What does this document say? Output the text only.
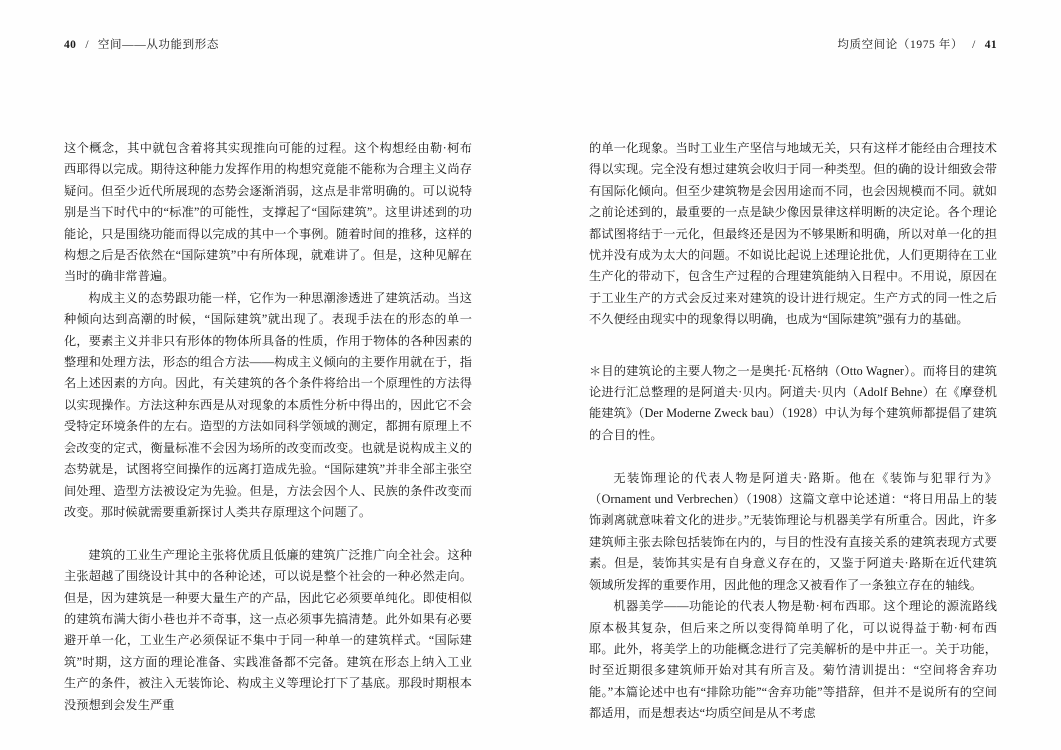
40 / 空间——从功能到形态	均质空间论（1975 年） / 41

这个概念，其中就包含着将其实现推向可能的过程。这个构想经由勒·柯布西耶得以完成。期待这种能力发挥作用的构想究竟能不能称为合理主义尚存疑问。但至少近代所展现的态势会逐渐消弱，这点是非常明确的。可以说特别是当下时代中的“标准”的可能性，支撑起了“国际建筑”。这里讲述到的功能论，只是围绕功能而得以完成的其中一个事例。随着时间的推移，这样的构想之后是否依然在“国际建筑”中有所体现，就难讲了。但是，这种见解在当时的确非常普遍。

构成主义的态势跟功能一样，它作为一种思潮渗透进了建筑活动。当这种倾向达到高潮的时候，“国际建筑”就出现了。表现手法在的形态的单一化，要素主义并非只有形体的物体所具备的性质，作用于物体的各种因素的整理和处理方法，形态的组合方法——构成主义倾向的主要作用就在于，指名上述因素的方向。因此，有关建筑的各个条件将给出一个原理性的方法得以实现操作。方法这种东西是从对现象的本质性分析中得出的，因此它不会受特定环境条件的左右。造型的方法如同科学领域的测定，都拥有原理上不会改变的定式，衡量标准不会因为场所的改变而改变。也就是说构成主义的态势就是，试图将空间操作的远离打造成先验。“国际建筑”并非全部主张空间处理、造型方法被设定为先验。但是，方法会因个人、民族的条件改变而改变。那时候就需要重新探讨人类共存原理这个问题了。

建筑的工业生产理论主张将优质且低廉的建筑广泛推广向全社会。这种主张超越了围绕设计其中的各种论述，可以说是整个社会的一种必然走向。但是，因为建筑是一种要大量生产的产品，因此它必须要单纯化。即使相似的建筑布满大街小巷也并不奇事，这一点必须事先搞清楚。此外如果有必要避开单一化，工业生产必须保证不集中于同一种单一的建筑样式。“国际建筑”时期，这方面的理论准备、实践准备都不完备。建筑在形态上纳入工业生产的条件，被注入无装饰论、构成主义等理论打下了基底。那段时期根本没预想到会发生严重

的单一化现象。当时工业生产坚信与地域无关，只有这样才能经由合理技术得以实现。完全没有想过建筑会收归于同一种类型。但的确的设计细致会带有国际化倾向。但至少建筑物是会因用途而不同，也会因规模而不同。就如之前论述到的，最重要的一点是缺少像因景律这样明断的决定论。各个理论都试图将结于一元化，但最终还是因为不够果断和明确，所以对单一化的担忧并没有成为太大的问题。不如说比起说上述理论批优，人们更期待在工业生产化的带动下，包含生产过程的合理建筑能纳入日程中。不用说，原因在于工业生产的方式会反过来对建筑的设计进行规定。生产方式的同一性之后不久便经由现实中的现象得以明确，也成为“国际建筑”强有力的基础。

＊目的建筑论的主要人物之一是奥托·瓦格纳（Otto Wagner）。而将目的建筑论进行汇总整理的是阿道夫·贝内。阿道夫·贝内（Adolf Behne）在《摩登机能建筑》（Der Moderne Zweck bau）（1928）中认为每个建筑师都提倡了建筑的合目的性。

无装饰理论的代表人物是阿道夫·路斯。他在《装饰与犯罪行为》（Ornament und Verbrechen）（1908）这篇文章中论述道：“将日用品上的装饰剥离就意味着文化的进步。”无装饰理论与机器美学有所重合。因此，许多建筑师主张去除包括装饰在内的，与目的性没有直接关系的建筑表现方式要素。但是，装饰其实是有自身意义存在的，又鉴于阿道夫·路斯在近代建筑领域所发挥的重要作用，因此他的理念又被看作了一条独立存在的轴线。

机器美学——功能论的代表人物是勒·柯布西耶。这个理论的源流路线原本极其复杂，但后来之所以变得简单明了化，可以说得益于勒·柯布西耶。此外，将美学上的功能概念进行了完美解析的是中井正一。关于功能，时至近期很多建筑师开始对其有所言及。菊竹清训提出：“空间将舍弃功能。”本篇论述中也有“排除功能”“舍弃功能”等措辞，但并不是说所有的空间都适用，而是想表达“均质空间是从不考虑
